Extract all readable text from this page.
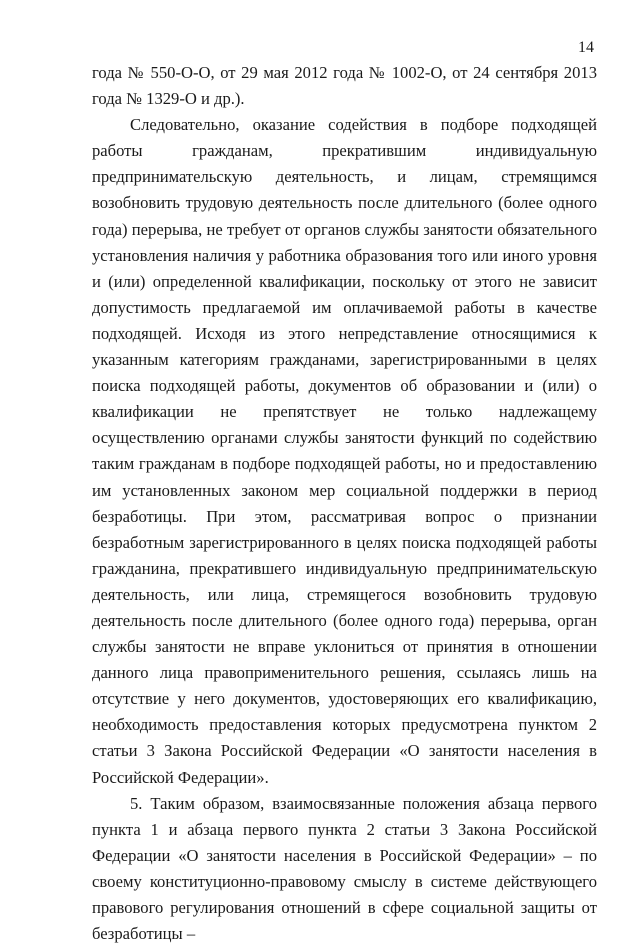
14

года № 550-О-О, от 29 мая 2012 года № 1002-О, от 24 сентября 2013 года № 1329-О и др.).

Следовательно, оказание содействия в подборе подходящей работы гражданам, прекратившим индивидуальную предпринимательскую деятельность, и лицам, стремящимся возобновить трудовую деятельность после длительного (более одного года) перерыва, не требует от органов службы занятости обязательного установления наличия у работника образования того или иного уровня и (или) определенной квалификации, поскольку от этого не зависит допустимость предлагаемой им оплачиваемой работы в качестве подходящей. Исходя из этого непредставление относящимися к указанным категориям гражданами, зарегистрированными в целях поиска подходящей работы, документов об образовании и (или) о квалификации не препятствует не только надлежащему осуществлению органами службы занятости функций по содействию таким гражданам в подборе подходящей работы, но и предоставлению им установленных законом мер социальной поддержки в период безработицы. При этом, рассматривая вопрос о признании безработным зарегистрированного в целях поиска подходящей работы гражданина, прекратившего индивидуальную предпринимательскую деятельность, или лица, стремящегося возобновить трудовую деятельность после длительного (более одного года) перерыва, орган службы занятости не вправе уклониться от принятия в отношении данного лица правоприменительного решения, ссылаясь лишь на отсутствие у него документов, удостоверяющих его квалификацию, необходимость предоставления которых предусмотрена пунктом 2 статьи 3 Закона Российской Федерации «О занятости населения в Российской Федерации».

5. Таким образом, взаимосвязанные положения абзаца первого пункта 1 и абзаца первого пункта 2 статьи 3 Закона Российской Федерации «О занятости населения в Российской Федерации» – по своему конституционно-правовому смыслу в системе действующего правового регулирования отношений в сфере социальной защиты от безработицы –
